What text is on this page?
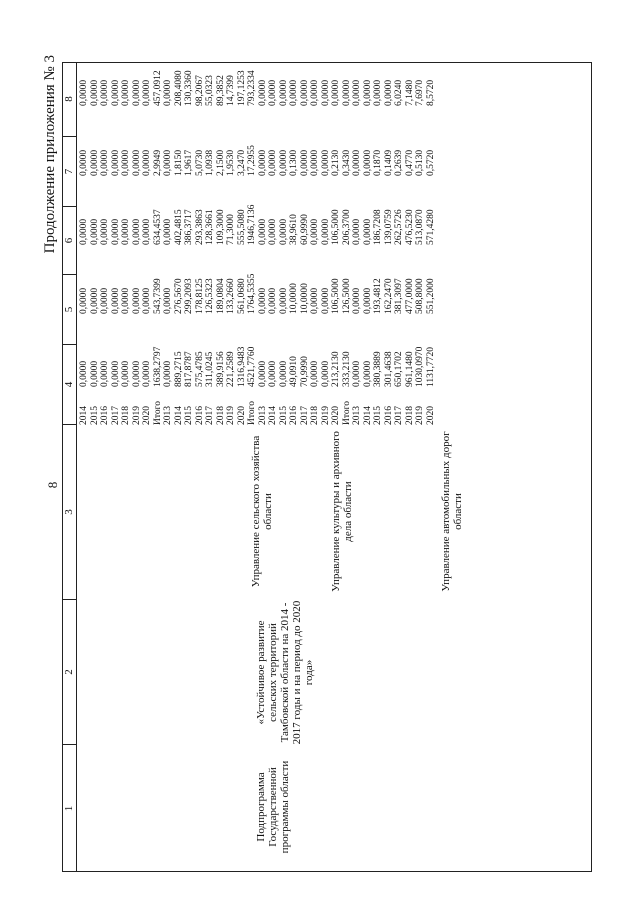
8
Продолжение приложения № 3
1
2
3
4
5
6
7
8
Подпрограмма Государственной программы области
«Устойчивое развитие сельских территорий Тамбовской области на 2014 - 2017 годы и на период до 2020 года»
Управление сельского хозяйства области	Управление культуры и архивного дела области	Управление автомобильных дорог области
2014
0,0000
0,0000
0,0000
0,0000
0,0000
2015
0,0000
0,0000
0,0000
0,0000
0,0000
2016
0,0000
0,0000
0,0000
0,0000
0,0000
2017
0,0000
0,0000
0,0000
0,0000
0,0000
2018
0,0000
0,0000
0,0000
0,0000
0,0000
2019
0,0000
0,0000
0,0000
0,0000
0,0000
2020
0,0000
0,0000
0,0000
0,0000
0,0000
Итого
1638,2797
543,7399
634,4537
2,9949
457,0912
2013
0,0000
0,0000
0,0000
0,0000
0,0000
2014
889,2715
276,5670
402,4815
1,8150
208,4080
2015
817,8787
299,2093
386,3717
1,9617
130,3360
2016
575,4785
178,8125
293,3863
5,0730
98,2067
2017
311,0245
126,5323
128,3661
1,0938
55,0323
2018
389,9156
189,0804
109,3000
2,1500
89,3852
2019
221,2589
133,2660
71,3000
1,9530
14,7399
2020
1316,9483
561,0680
555,5080
3,2470
197,1253
Итого
4521,7760
1764,5355
1946,7136
17,2955
793,2334
2013
0,0000
0,0000
0,0000
0,0000
0,0000
2014
0,0000
0,0000
0,0000
0,0000
0,0000
2015
0,0000
0,0000
0,0000
0,0000
0,0000
2016
49,0910
10,0000
38,9610
0,1300
0,0000
2017
70,9990
10,0000
60,9990
0,0000
0,0000
2018
0,0000
0,0000
0,0000
0,0000
0,0000
2019
0,0000
0,0000
0,0000
0,0000
0,0000
2020
213,2130
106,5000
106,5000
0,2130
0,0000
Итого
333,2130
126,5000
206,3700
0,3430
0,0000
2013
0,0000
0,0000
0,0000
0,0000
0,0000
2014
0,0000
0,0000
0,0000
0,0000
0,0000
2015
380,3889
193,4812
186,7208
0,1870
0,0000
2016
301,4638
162,2470
139,0759
0,1409
0,0000
2017
650,1702
381,3097
262,5726
0,2639
6,0240
2018
961,1480
477,0000
476,5230
0,4770
7,1480
2019
1030,0970
508,8000
513,0870
0,5130
7,6970
2020
1131,7720
551,2000
571,4280
0,5720
8,5720
